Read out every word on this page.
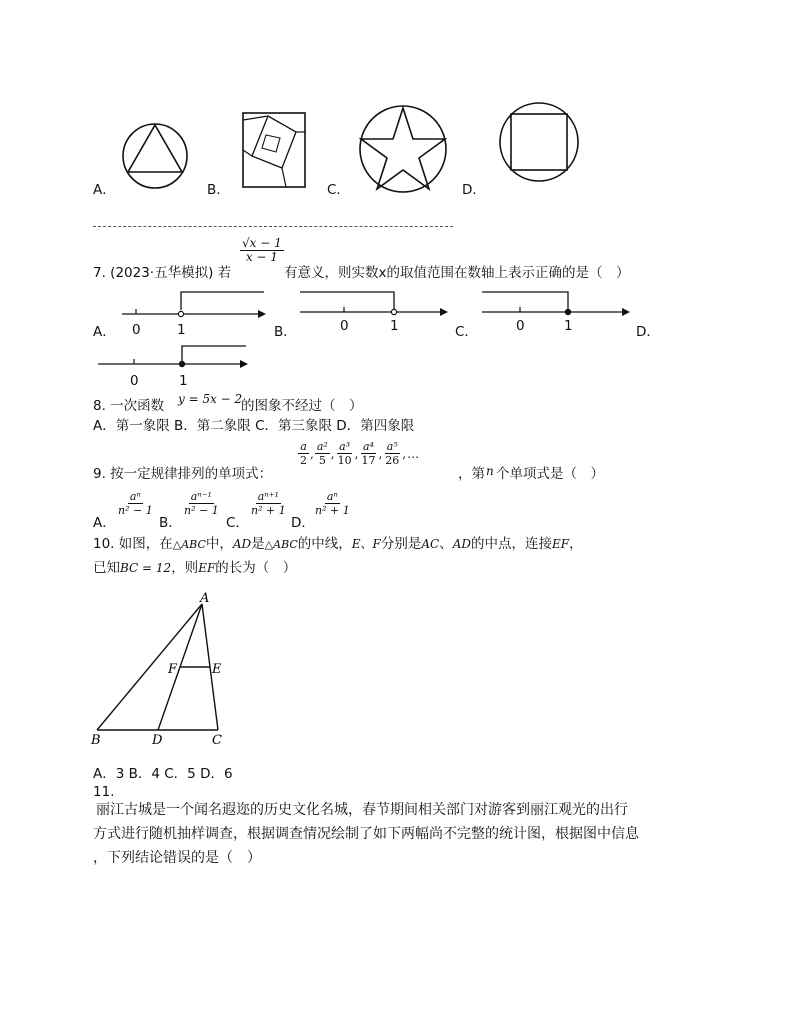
A．	B．	C．	D．
7. (2023·五华模拟) 若
$\frac{√x - 1}{x - 1}$
有意义，则实数x的取值范围在数轴上表示正确的是（　）
A． 0	1	B．	0	1	C．	0	1	D．
0	1
8. 一次函数 y = 5x − 2
的图象不经过（　）
A．第一象限 B．第二象限 C．第三象限 D．第四象限
9. 按一定规律排列的单项式：
$\frac{a}{2}$ , $\frac{\text{a²}}{5}$ , $\frac{\text{a³}}{10}$ , $\frac{\text{a⁴}}{17}$ , $\frac{\text{a⁵}}{26}$ , …
，第 n 个单项式是（　）
A．
$\frac{\text{aⁿ}}{\text{n² − 1}}$
B．
$\frac{\text{aⁿ⁻¹}}{\text{n² − 1}}$
C．
$\frac{\text{aⁿ⁺¹}}{\text{n² + 1}}$
D．
$\frac{\text{aⁿ}}{\text{n² + 1}}$
10. 如图，在△ABC中，AD是△ABC的中线，E、F分别是AC、AD的中点，连接EF，
已知BC = 12，则EF的长为（　）
A
B	D	C
F	E
A．3 B．4 C．5 D．6
11.
丽江古城是一个闻名遐迩的历史文化名城，春节期间相关部门对游客到丽江观光的出行
方式进行随机抽样调查，根据调查情况绘制了如下两幅尚不完整的统计图，根据图中信息
，下列结论错误的是（　）
